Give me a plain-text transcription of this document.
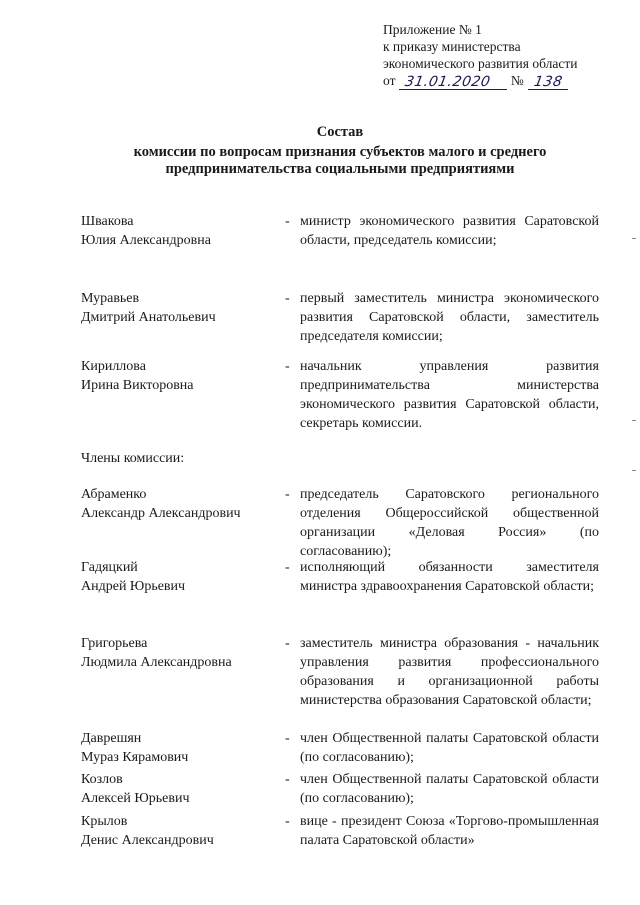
Приложение № 1
к приказу министерства
экономического развития области
от 31.01.2020 № 138
Состав
комиссии по вопросам признания субъектов малого и среднего
предпринимательства социальными предприятиями
Швакова
Юлия Александровна
- министр экономического развития Саратовской области, председатель комиссии;
Муравьев
Дмитрий Анатольевич
- первый заместитель министра экономического развития Саратовской области, заместитель председателя комиссии;
Кириллова
Ирина Викторовна
- начальник управления развития предпринимательства министерства экономического развития Саратовской области, секретарь комиссии.
Члены комиссии:
Абраменко
Александр Александрович
- председатель Саратовского регионального отделения Общероссийской общественной организации «Деловая Россия» (по согласованию);
Гадяцкий
Андрей Юрьевич
- исполняющий обязанности заместителя министра здравоохранения Саратовской области;
Григорьева
Людмила Александровна
- заместитель министра образования - начальник управления развития профессионального образования и организационной работы министерства образования Саратовской области;
Даврешян
Мураз Кярамович
- член Общественной палаты Саратовской области (по согласованию);
Козлов
Алексей Юрьевич
- член Общественной палаты Саратовской области (по согласованию);
Крылов
Денис Александрович
- вице - президент Союза «Торгово-промышленная палата Саратовской области»
